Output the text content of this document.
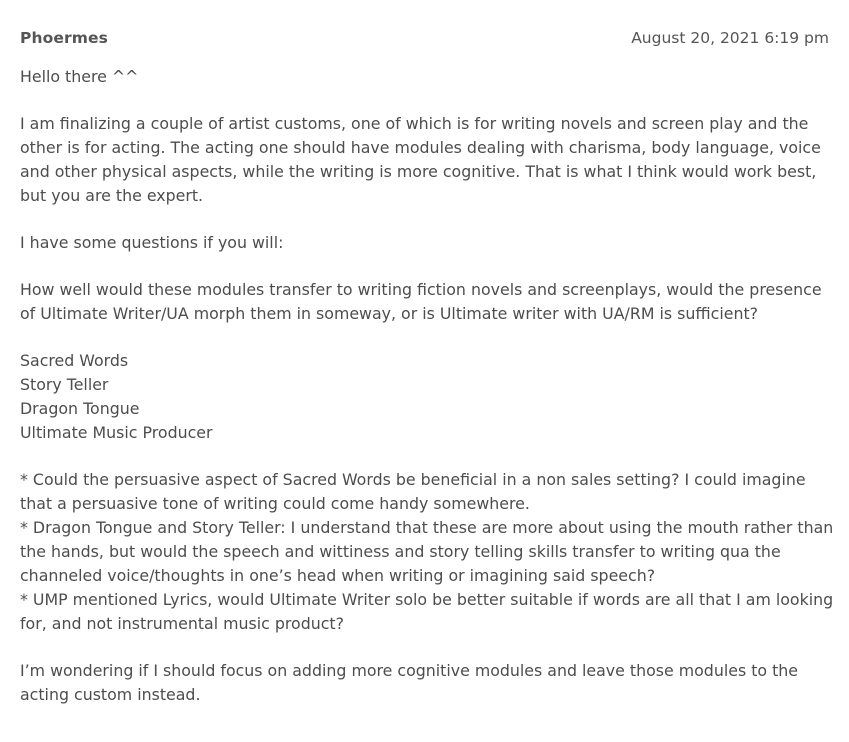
Phoermes	August 20, 2021 6:19 pm

Hello there ^^

I am finalizing a couple of artist customs, one of which is for writing novels and screen play and the other is for acting. The acting one should have modules dealing with charisma, body language, voice and other physical aspects, while the writing is more cognitive. That is what I think would work best, but you are the expert.

I have some questions if you will:

How well would these modules transfer to writing fiction novels and screenplays, would the presence of Ultimate Writer/UA morph them in someway, or is Ultimate writer with UA/RM is sufficient?

Sacred Words
Story Teller
Dragon Tongue
Ultimate Music Producer

* Could the persuasive aspect of Sacred Words be beneficial in a non sales setting? I could imagine that a persuasive tone of writing could come handy somewhere.
* Dragon Tongue and Story Teller: I understand that these are more about using the mouth rather than the hands, but would the speech and wittiness and story telling skills transfer to writing qua the channeled voice/thoughts in one’s head when writing or imagining said speech?
* UMP mentioned Lyrics, would Ultimate Writer solo be better suitable if words are all that I am looking for, and not instrumental music product?

I’m wondering if I should focus on adding more cognitive modules and leave those modules to the acting custom instead.
